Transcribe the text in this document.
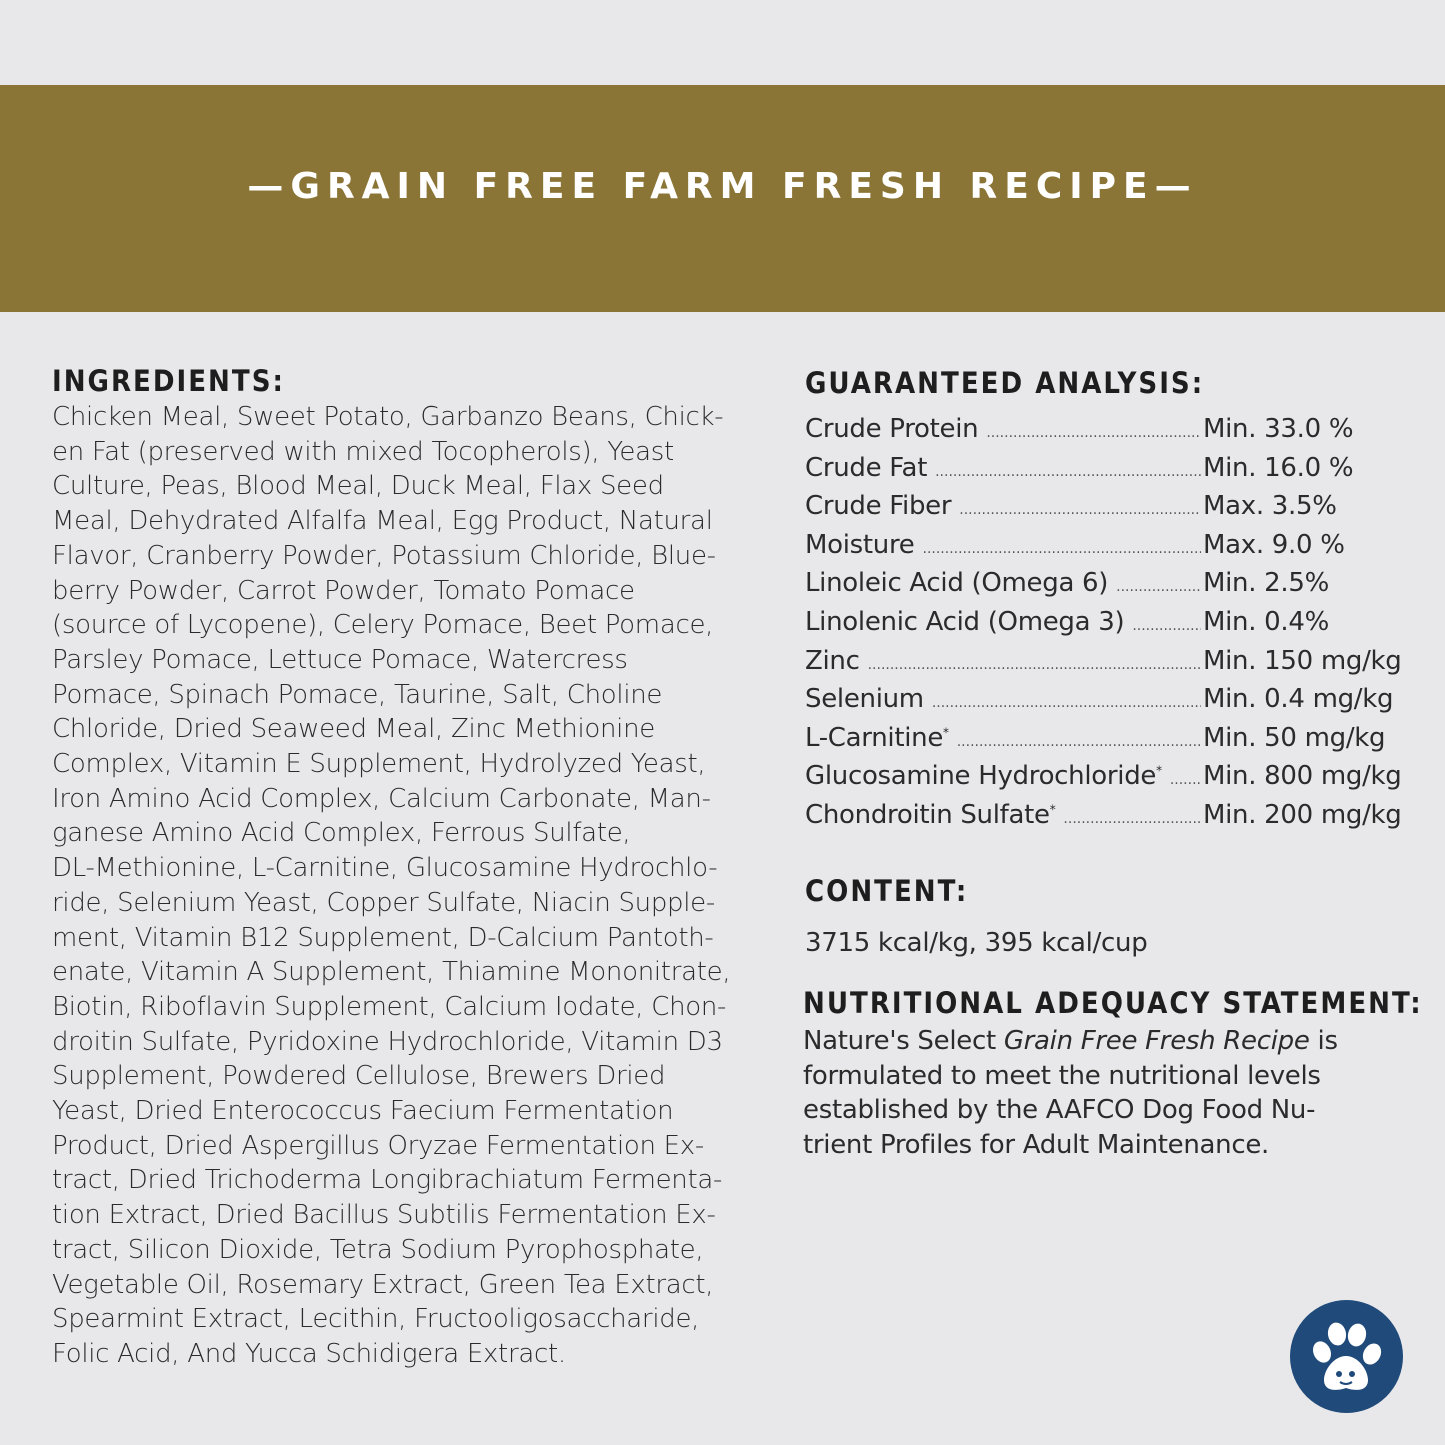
—GRAIN FREE FARM FRESH RECIPE—
INGREDIENTS:
Chicken Meal, Sweet Potato, Garbanzo Beans, Chick-
en Fat (preserved with mixed Tocopherols), Yeast
Culture, Peas, Blood Meal, Duck Meal, Flax Seed
Meal, Dehydrated Alfalfa Meal, Egg Product, Natural
Flavor, Cranberry Powder, Potassium Chloride, Blue-
berry Powder, Carrot Powder, Tomato Pomace
(source of Lycopene), Celery Pomace, Beet Pomace,
Parsley Pomace, Lettuce Pomace, Watercress
Pomace, Spinach Pomace, Taurine, Salt, Choline
Chloride, Dried Seaweed Meal, Zinc Methionine
Complex, Vitamin E Supplement, Hydrolyzed Yeast,
Iron Amino Acid Complex, Calcium Carbonate, Man-
ganese Amino Acid Complex, Ferrous Sulfate,
DL-Methionine, L-Carnitine, Glucosamine Hydrochlo-
ride, Selenium Yeast, Copper Sulfate, Niacin Supple-
ment, Vitamin B12 Supplement, D-Calcium Pantoth-
enate, Vitamin A Supplement, Thiamine Mononitrate,
Biotin, Riboflavin Supplement, Calcium Iodate, Chon-
droitin Sulfate, Pyridoxine Hydrochloride, Vitamin D3
Supplement, Powdered Cellulose, Brewers Dried
Yeast, Dried Enterococcus Faecium Fermentation
Product, Dried Aspergillus Oryzae Fermentation Ex-
tract, Dried Trichoderma Longibrachiatum Fermenta-
tion Extract, Dried Bacillus Subtilis Fermentation Ex-
tract, Silicon Dioxide, Tetra Sodium Pyrophosphate,
Vegetable Oil, Rosemary Extract, Green Tea Extract,
Spearmint Extract, Lecithin, Fructooligosaccharide,
Folic Acid, And Yucca Schidigera Extract.
GUARANTEED ANALYSIS:
Crude Protein .....	Min. 33.0 %
Crude Fat .....	Min. 16.0 %
Crude Fiber .....	Max. 3.5%
Moisture .....	Max. 9.0 %
Linoleic Acid (Omega 6) .....	Min. 2.5%
Linolenic Acid (Omega 3) .....	Min. 0.4%
Zinc .....	Min. 150 mg/kg
Selenium .....	Min. 0.4 mg/kg
L-Carnitine* .....	Min. 50 mg/kg
Glucosamine Hydrochloride* ..... Min. 800 mg/kg
Chondroitin Sulfate* .....	Min. 200 mg/kg
CONTENT:
3715 kcal/kg, 395 kcal/cup
NUTRITIONAL ADEQUACY STATEMENT:
Nature's Select Grain Free Fresh Recipe is
formulated to meet the nutritional levels
established by the AAFCO Dog Food Nu-
trient Profiles for Adult Maintenance.
